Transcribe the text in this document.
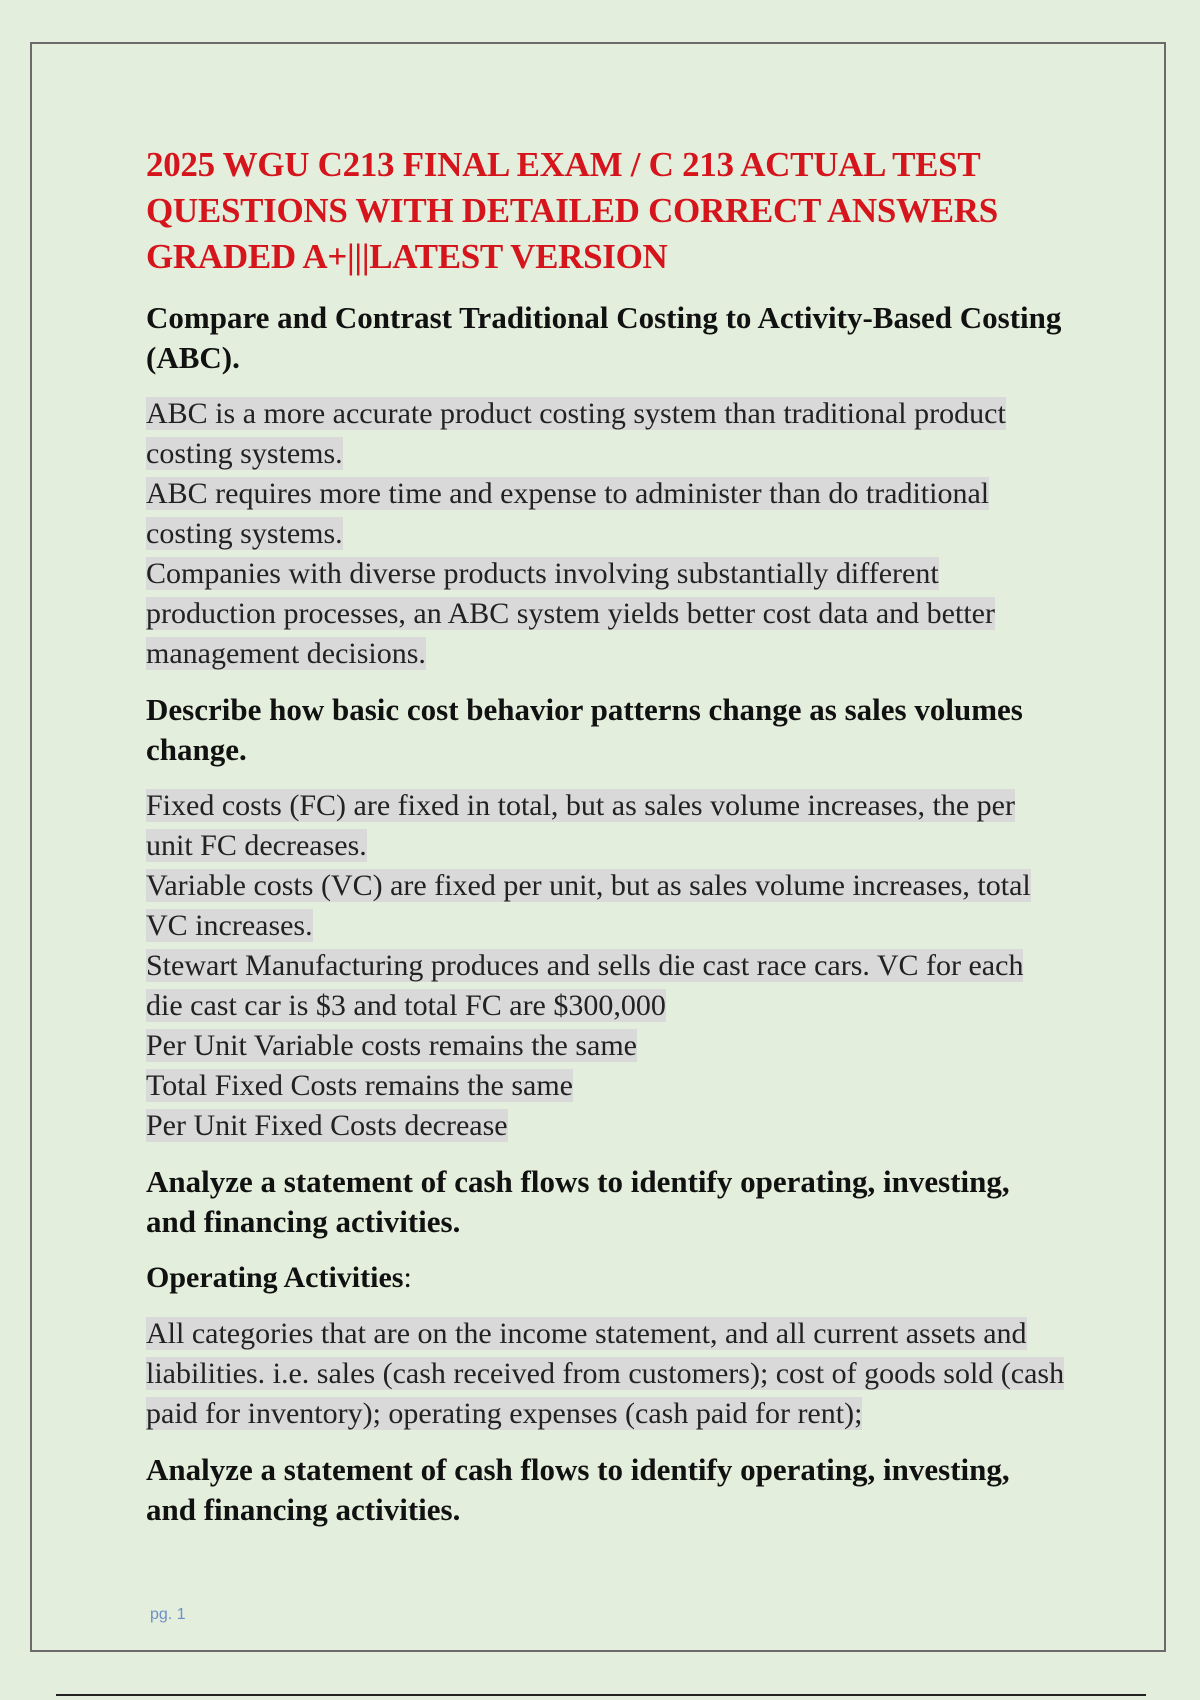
2025 WGU C213 FINAL EXAM / C 213 ACTUAL TEST QUESTIONS WITH DETAILED CORRECT ANSWERS GRADED A+|||LATEST VERSION
Compare and Contrast Traditional Costing to Activity-Based Costing (ABC).
ABC is a more accurate product costing system than traditional product costing systems.
ABC requires more time and expense to administer than do traditional costing systems.
Companies with diverse products involving substantially different production processes, an ABC system yields better cost data and better management decisions.
Describe how basic cost behavior patterns change as sales volumes change.
Fixed costs (FC) are fixed in total, but as sales volume increases, the per unit FC decreases.
Variable costs (VC) are fixed per unit, but as sales volume increases, total VC increases.
Stewart Manufacturing produces and sells die cast race cars. VC for each die cast car is $3 and total FC are $300,000
Per Unit Variable costs remains the same
Total Fixed Costs remains the same
Per Unit Fixed Costs decrease
Analyze a statement of cash flows to identify operating, investing, and financing activities.
Operating Activities:
All categories that are on the income statement, and all current assets and liabilities. i.e. sales (cash received from customers); cost of goods sold (cash paid for inventory); operating expenses (cash paid for rent);
Analyze a statement of cash flows to identify operating, investing, and financing activities.
pg. 1
